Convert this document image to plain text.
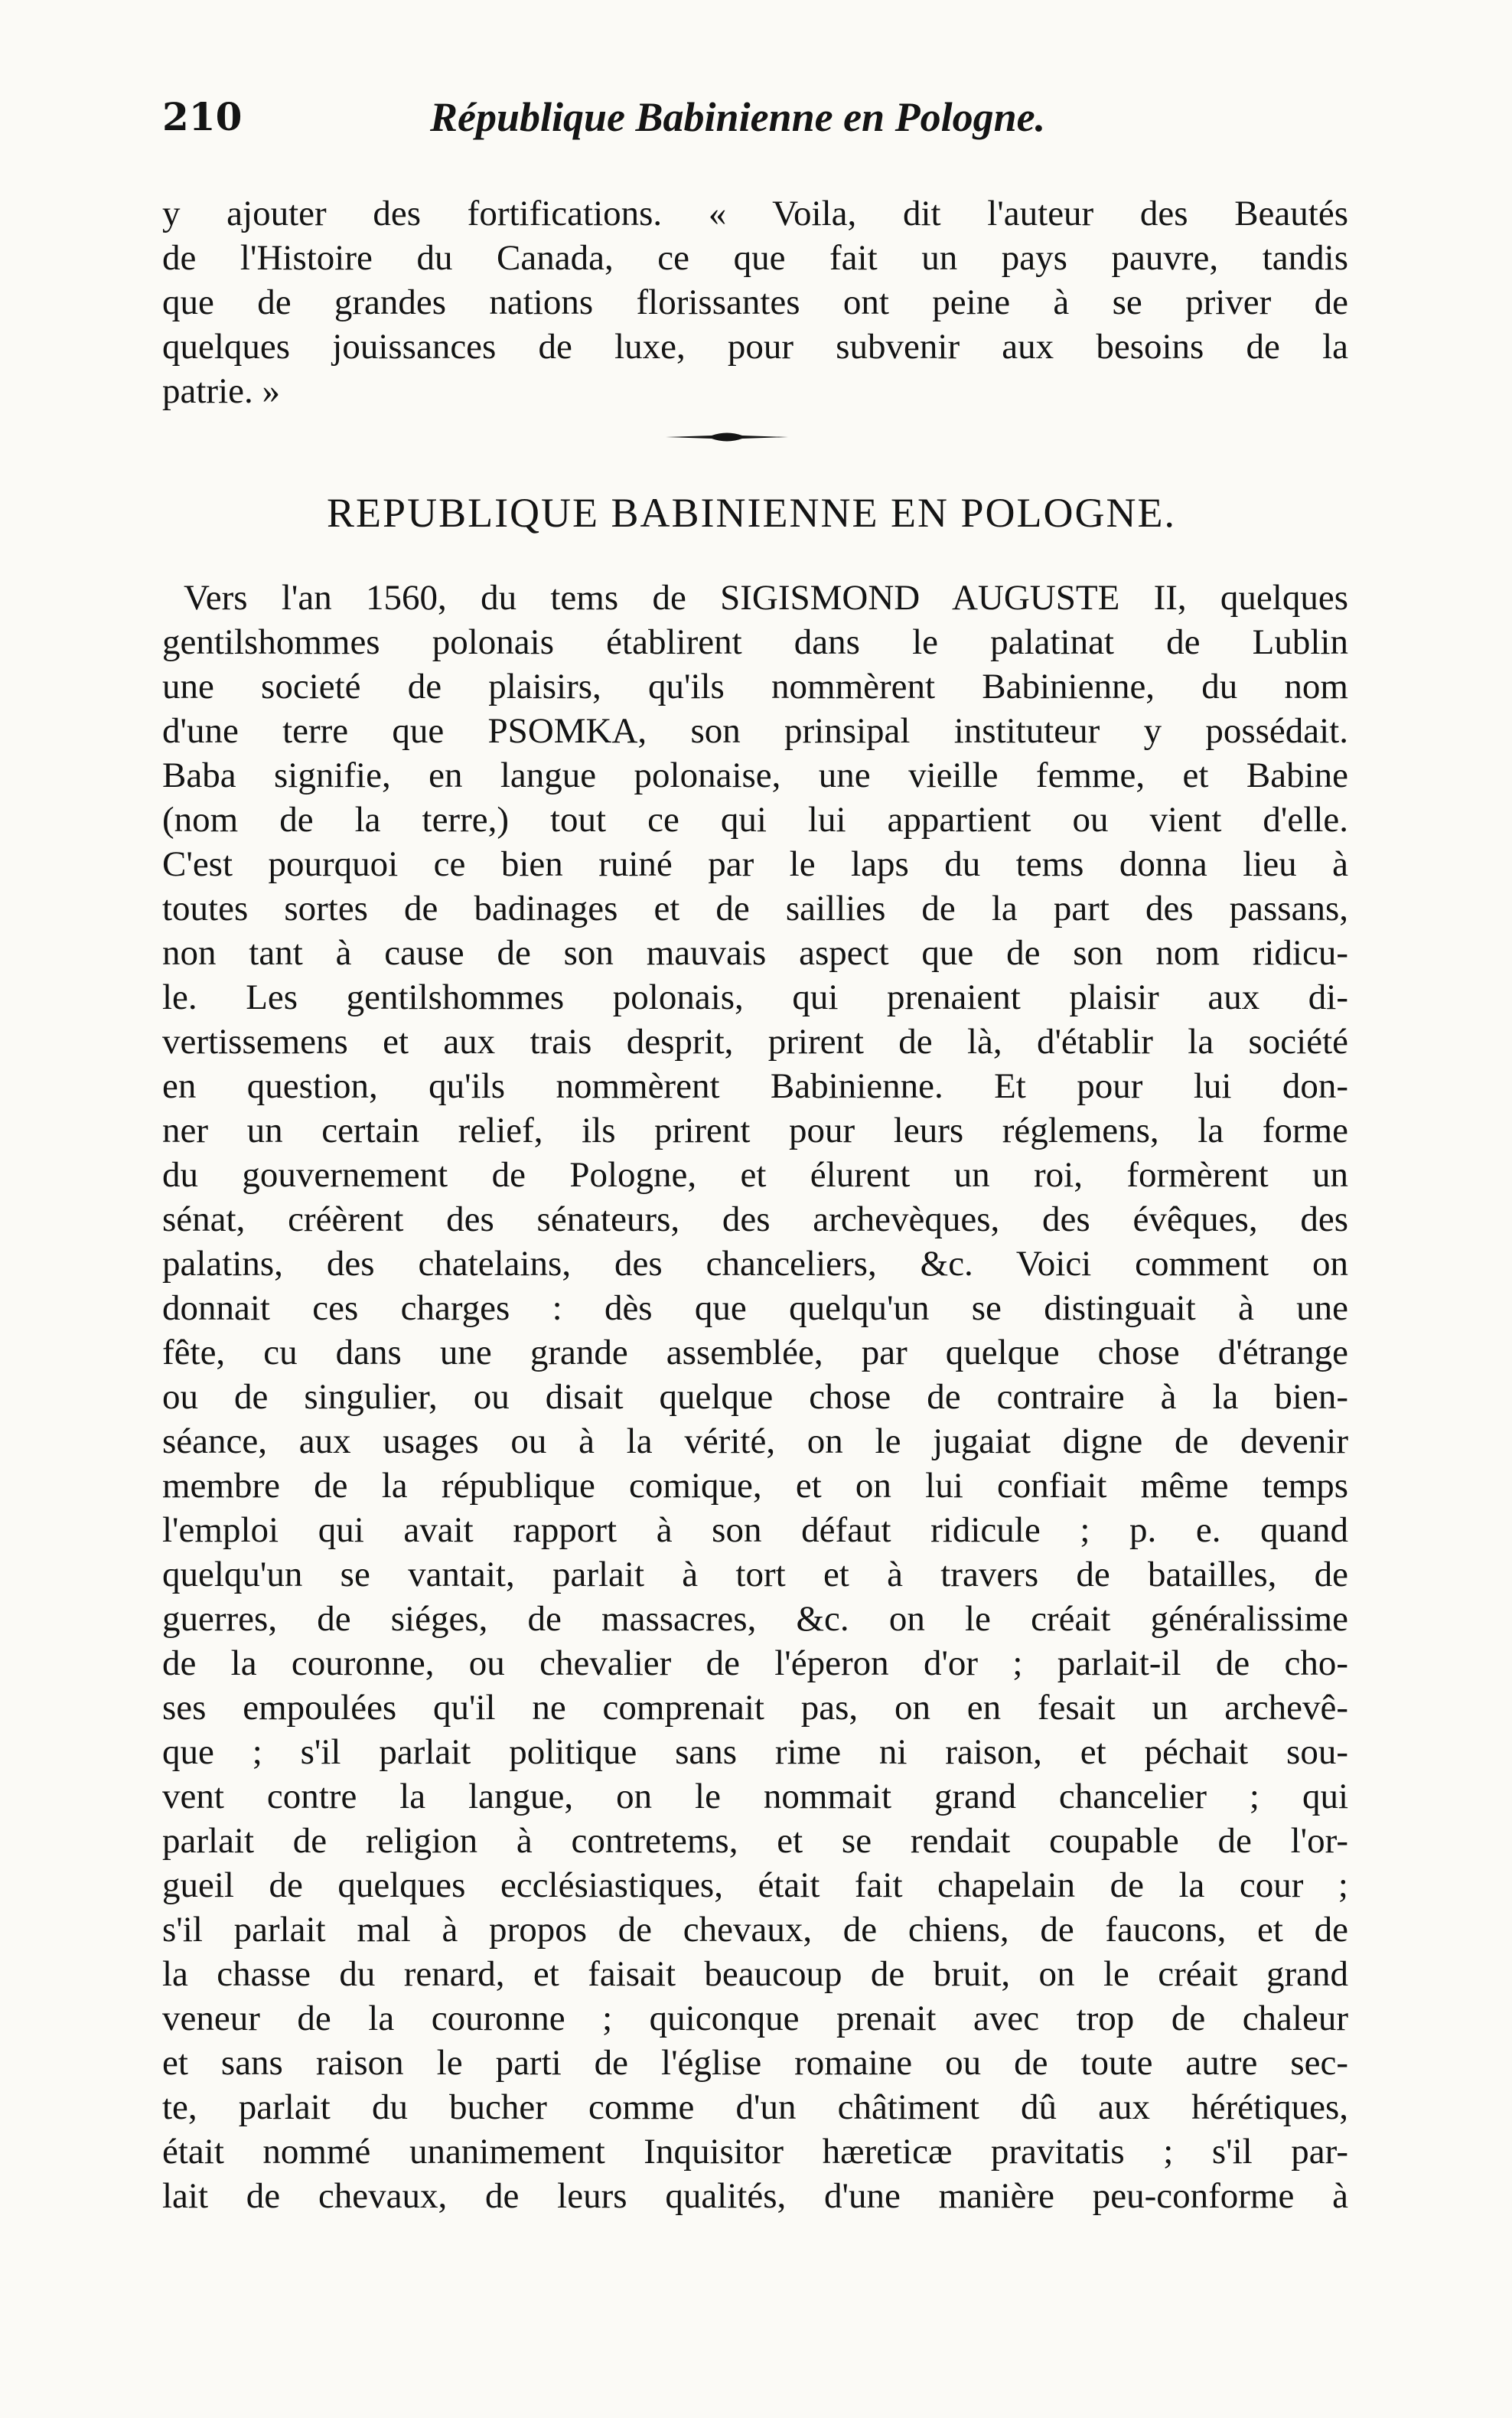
210	République Babinienne en Pologne.
y ajouter des fortifications. « Voila, dit l'auteur des Beautés
de l'Histoire du Canada, ce que fait un pays pauvre, tandis
que de grandes nations florissantes ont peine à se priver de
quelques jouissances de luxe, pour subvenir aux besoins de la
patrie. »
REPUBLIQUE BABINIENNE EN POLOGNE.
Vers l'an 1560, du tems de SIGISMOND AUGUSTE II, quelques
gentilshommes polonais établirent dans le palatinat de Lublin
une societé de plaisirs, qu'ils nommèrent Babinienne, du nom
d'une terre que PSOMKA, son prinsipal instituteur y possédait.
Baba signifie, en langue polonaise, une vieille femme, et Babine
(nom de la terre,) tout ce qui lui appartient ou vient d'elle.
C'est pourquoi ce bien ruiné par le laps du tems donna lieu à
toutes sortes de badinages et de saillies de la part des passans,
non tant à cause de son mauvais aspect que de son nom ridicu-
le. Les gentilshommes polonais, qui prenaient plaisir aux di-
vertissemens et aux trais desprit, prirent de là, d'établir la société
en question, qu'ils nommèrent Babinienne. Et pour lui don-
ner un certain relief, ils prirent pour leurs réglemens, la forme
du gouvernement de Pologne, et élurent un roi, formèrent un
sénat, créèrent des sénateurs, des archevèques, des évêques, des
palatins, des chatelains, des chanceliers, &c. Voici comment on
donnait ces charges : dès que quelqu'un se distinguait à une
fête, cu dans une grande assemblée, par quelque chose d'étrange
ou de singulier, ou disait quelque chose de contraire à la bien-
séance, aux usages ou à la vérité, on le jugaiat digne de devenir
membre de la république comique, et on lui confiait même temps
l'emploi qui avait rapport à son défaut ridicule ; p. e. quand
quelqu'un se vantait, parlait à tort et à travers de batailles, de
guerres, de siéges, de massacres, &c. on le créait généralissime
de la couronne, ou chevalier de l'éperon d'or ; parlait-il de cho-
ses empoulées qu'il ne comprenait pas, on en fesait un archevê-
que ; s'il parlait politique sans rime ni raison, et péchait sou-
vent contre la langue, on le nommait grand chancelier ; qui
parlait de religion à contretems, et se rendait coupable de l'or-
gueil de quelques ecclésiastiques, était fait chapelain de la cour ;
s'il parlait mal à propos de chevaux, de chiens, de faucons, et de
la chasse du renard, et faisait beaucoup de bruit, on le créait grand
veneur de la couronne ; quiconque prenait avec trop de chaleur
et sans raison le parti de l'église romaine ou de toute autre sec-
te, parlait du bucher comme d'un châtiment dû aux hérétiques,
était nommé unanimement Inquisitor hæreticæ pravitatis ; s'il par-
lait de chevaux, de leurs qualités, d'une manière peu-conforme à
